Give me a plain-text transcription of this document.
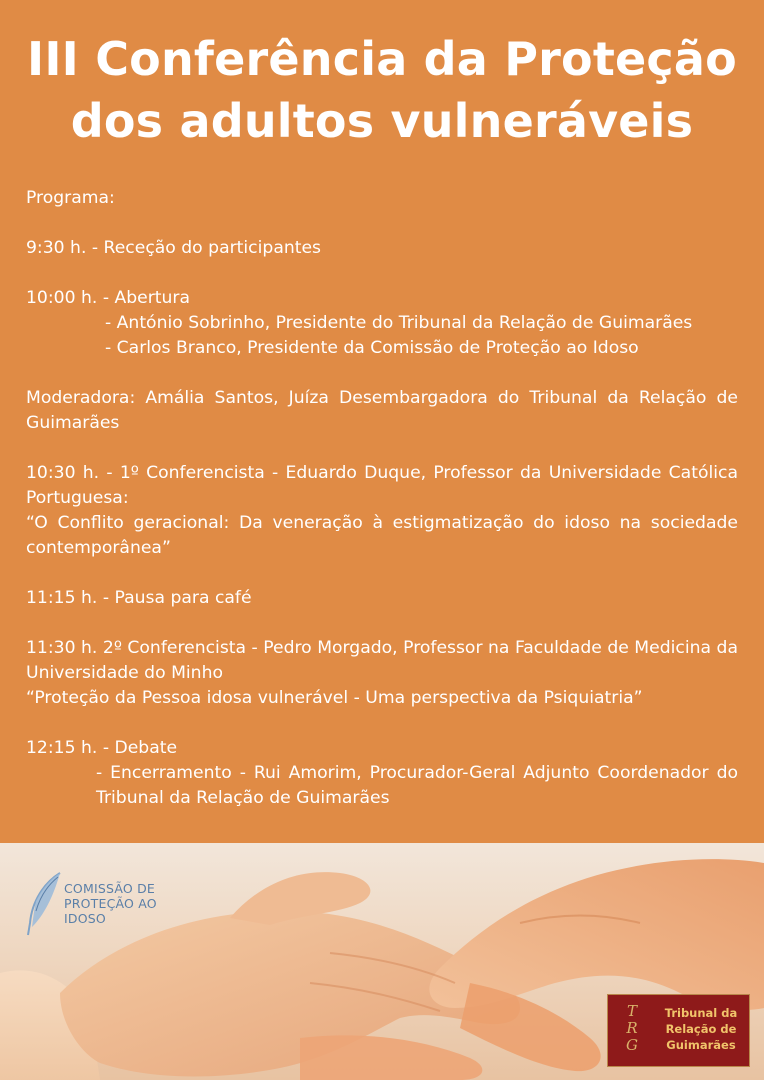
III Conferência da Proteção
dos adultos vulneráveis

Programa:

9:30 h. - Receção do participantes

10:00 h. - Abertura

- António Sobrinho, Presidente do Tribunal da Relação de Guimarães

- Carlos Branco, Presidente da Comissão de Proteção ao Idoso

Moderadora: Amália Santos, Juíza Desembargadora do Tribunal da Relação de Guimarães

10:30 h. - 1º Conferencista - Eduardo Duque, Professor da Universidade Católica Portuguesa:

“O Conflito geracional: Da veneração à estigmatização do idoso na sociedade contemporânea”

11:15 h. - Pausa para café

11:30 h. 2º Conferencista - Pedro Morgado, Professor na Faculdade de Medicina da Universidade do Minho

“Proteção da Pessoa idosa vulnerável - Uma perspectiva da Psiquiatria”

12:15 h. - Debate

- Encerramento - Rui Amorim, Procurador-Geral Adjunto Coordenador do Tribunal da Relação de Guimarães

COMISSÃO DE
PROTEÇÃO AO
IDOSO
T
R
G
Tribunal da
Relação de
Guimarães
